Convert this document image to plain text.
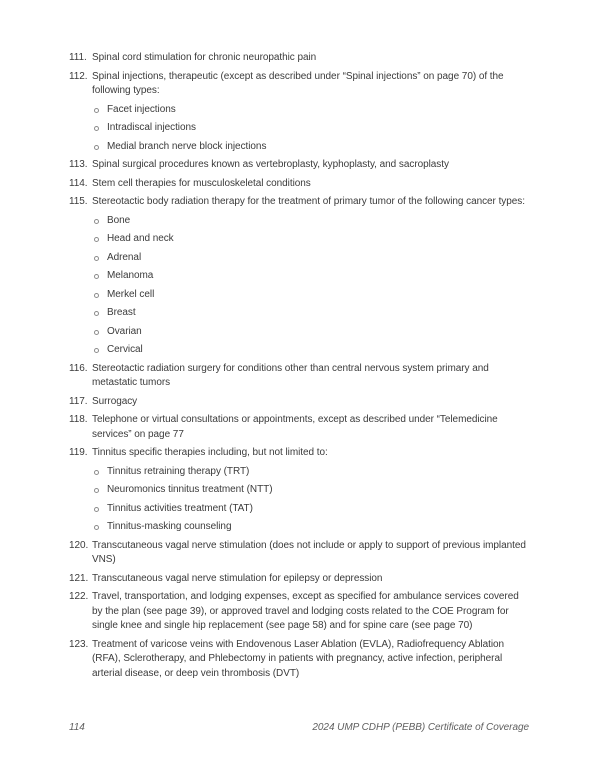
111. Spinal cord stimulation for chronic neuropathic pain
112. Spinal injections, therapeutic (except as described under “Spinal injections” on page 70) of the following types:
Facet injections
Intradiscal injections
Medial branch nerve block injections
113. Spinal surgical procedures known as vertebroplasty, kyphoplasty, and sacroplasty
114. Stem cell therapies for musculoskeletal conditions
115. Stereotactic body radiation therapy for the treatment of primary tumor of the following cancer types:
Bone
Head and neck
Adrenal
Melanoma
Merkel cell
Breast
Ovarian
Cervical
116. Stereotactic radiation surgery for conditions other than central nervous system primary and metastatic tumors
117. Surrogacy
118. Telephone or virtual consultations or appointments, except as described under “Telemedicine services” on page 77
119. Tinnitus specific therapies including, but not limited to:
Tinnitus retraining therapy (TRT)
Neuromonics tinnitus treatment (NTT)
Tinnitus activities treatment (TAT)
Tinnitus-masking counseling
120. Transcutaneous vagal nerve stimulation (does not include or apply to support of previous implanted VNS)
121. Transcutaneous vagal nerve stimulation for epilepsy or depression
122. Travel, transportation, and lodging expenses, except as specified for ambulance services covered by the plan (see page 39), or approved travel and lodging costs related to the COE Program for single knee and single hip replacement (see page 58) and for spine care (see page 70)
123. Treatment of varicose veins with Endovenous Laser Ablation (EVLA), Radiofrequency Ablation (RFA), Sclerotherapy, and Phlebectomy in patients with pregnancy, active infection, peripheral arterial disease, or deep vein thrombosis (DVT)
114	2024 UMP CDHP (PEBB) Certificate of Coverage
